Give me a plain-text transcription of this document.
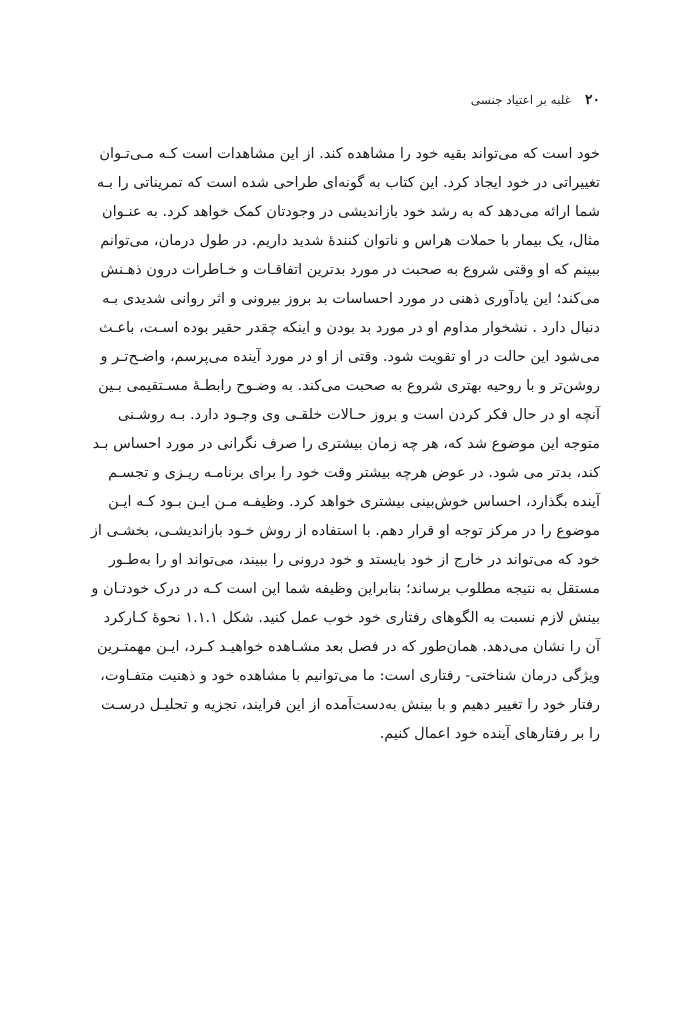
۲۰
غلبه بر اعتیاد جنسی
خود است که می‌تواند بقیه خود را مشاهده کند. از این مشاهدات است کـه مـی‌تـوان
تغییراتی در خود ایجاد کرد. این کتاب به گونه‌ای طراحی شده است که تمریناتی را بـه
شما ارائه می‌دهد که به رشد خود بازاندیشی در وجودتان کمک خواهد کرد. به عنـوان
مثال، یک بیمار با حملات هراس و ناتوان کنندهٔ شدید داریم. در طول درمان، می‌توانم
ببینم که او وقتی شروع به صحبت در مورد بدترین اتفاقـات و خـاطرات درون ذهـنش
می‌کند؛ این یادآوری ذهنی در مورد احساسات بد بروز بیرونی و اثر روانی شدیدی بـه
دنبال دارد . نشخوار مداوم او در مورد بد بودن و اینکه چقدر حقیر بوده اسـت، باعـث
می‌شود این حالت در او تقویت شود. وقتی از او در مورد آینده می‌پرسم، واضـح‌تـر و
روشن‌تر و با روحیه بهتری شروع به صحبت می‌کند. به وضـوح رابطـهٔ مسـتقیمی بـین
آنچه او در حال فکر کردن است و بروز حـالات خلقـی وی وجـود دارد. بـه روشـنی
متوجه این موضوع شد که، هر چه زمان بیشتری را صرف نگرانی در مورد احساس بـد
کند، بدتر می شود. در عوض هرچه بیشتر وقت خود را برای برنامـه ریـزی و تجسـم
آینده بگذارد، احساس خوش‌بینی بیشتری خواهد کرد. وظیفـه مـن ایـن بـود کـه ایـن
موضوع را در مرکز توجه او قرار دهم. با استفاده از روش خـود بازاندیشـی، بخشـی از
خود که می‌تواند در خارج از خود بایستد و خود درونی را ببیند، می‌تواند او را به‌طـور
مستقل به نتیجه مطلوب برساند؛ بنابراین وظیفه شما این است کـه در درک خودتـان و
بینش لازم نسبت به الگوهای رفتاری خود خوب عمل کنید. شکل ۱.۱.۱ نحوهٔ کـارکرد
آن را نشان می‌دهد. همان‌طور که در فصل بعد مشـاهده خواهیـد کـرد، ایـن مهمتـرین
ویژگی درمان شناختی- رفتاری است: ما می‌توانیم با مشاهده خود و ذهنیت متفـاوت،
رفتار خود را تغییر دهیم و با بینش به‌دست‌آمده از این فرایند، تجزیه و تحلیـل درسـت
را بر رفتارهای آینده خود اعمال کنیم.
